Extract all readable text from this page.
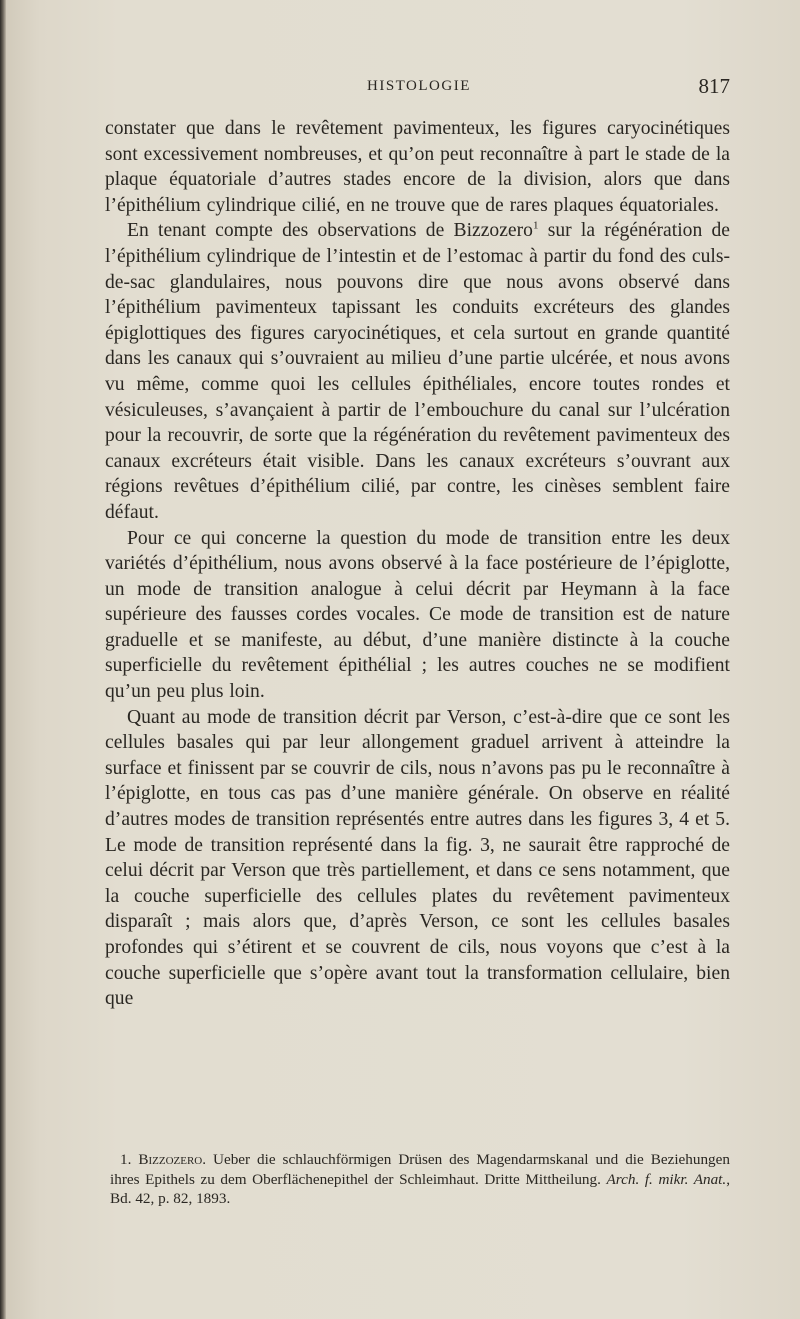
HISTOLOGIE	817

constater que dans le revêtement pavimenteux, les figures caryocinétiques sont excessivement nombreuses, et qu’on peut reconnaître à part le stade de la plaque équatoriale d’autres stades encore de la division, alors que dans l’épithélium cylindrique cilié, en ne trouve que de rares plaques équatoriales.

En tenant compte des observations de Bizzozero$^1$ sur la régénération de l’épithélium cylindrique de l’intestin et de l’estomac à partir du fond des culs-de-sac glandulaires, nous pouvons dire que nous avons observé dans l’épithélium pavimenteux tapissant les conduits excréteurs des glandes épiglottiques des figures caryocinétiques, et cela surtout en grande quantité dans les canaux qui s’ouvraient au milieu d’une partie ulcérée, et nous avons vu même, comme quoi les cellules épithéliales, encore toutes rondes et vésiculeuses, s’avançaient à partir de l’embouchure du canal sur l’ulcération pour la recouvrir, de sorte que la régénération du revêtement pavimenteux des canaux excréteurs était visible. Dans les canaux excréteurs s’ouvrant aux régions revêtues d’épithélium cilié, par contre, les cinèses semblent faire défaut.

Pour ce qui concerne la question du mode de transition entre les deux variétés d’épithélium, nous avons observé à la face postérieure de l’épiglotte, un mode de transition analogue à celui décrit par Heymann à la face supérieure des fausses cordes vocales. Ce mode de transition est de nature graduelle et se manifeste, au début, d’une manière distincte à la couche superficielle du revêtement épithélial ; les autres couches ne se modifient qu’un peu plus loin.

Quant au mode de transition décrit par Verson, c’est-à-dire que ce sont les cellules basales qui par leur allongement graduel arrivent à atteindre la surface et finissent par se couvrir de cils, nous n’avons pas pu le reconnaître à l’épiglotte, en tous cas pas d’une manière générale. On observe en réalité d’autres modes de transition représentés entre autres dans les figures 3, 4 et 5. Le mode de transition représenté dans la fig. 3, ne saurait être rapproché de celui décrit par Verson que très partiellement, et dans ce sens notamment, que la couche superficielle des cellules plates du revêtement pavimenteux disparaît ; mais alors que, d’après Verson, ce sont les cellules basales profondes qui s’étirent et se couvrent de cils, nous voyons que c’est à la couche superficielle que s’opère avant tout la transformation cellulaire, bien que

1. Bizzozero. Ueber die schlauchförmigen Drüsen des Magendarmskanal und die Beziehungen ihres Epithels zu dem Oberflächenepithel der Schleimhaut. Dritte Mittheilung. Arch. f. mikr. Anat., Bd. 42, p. 82, 1893.
